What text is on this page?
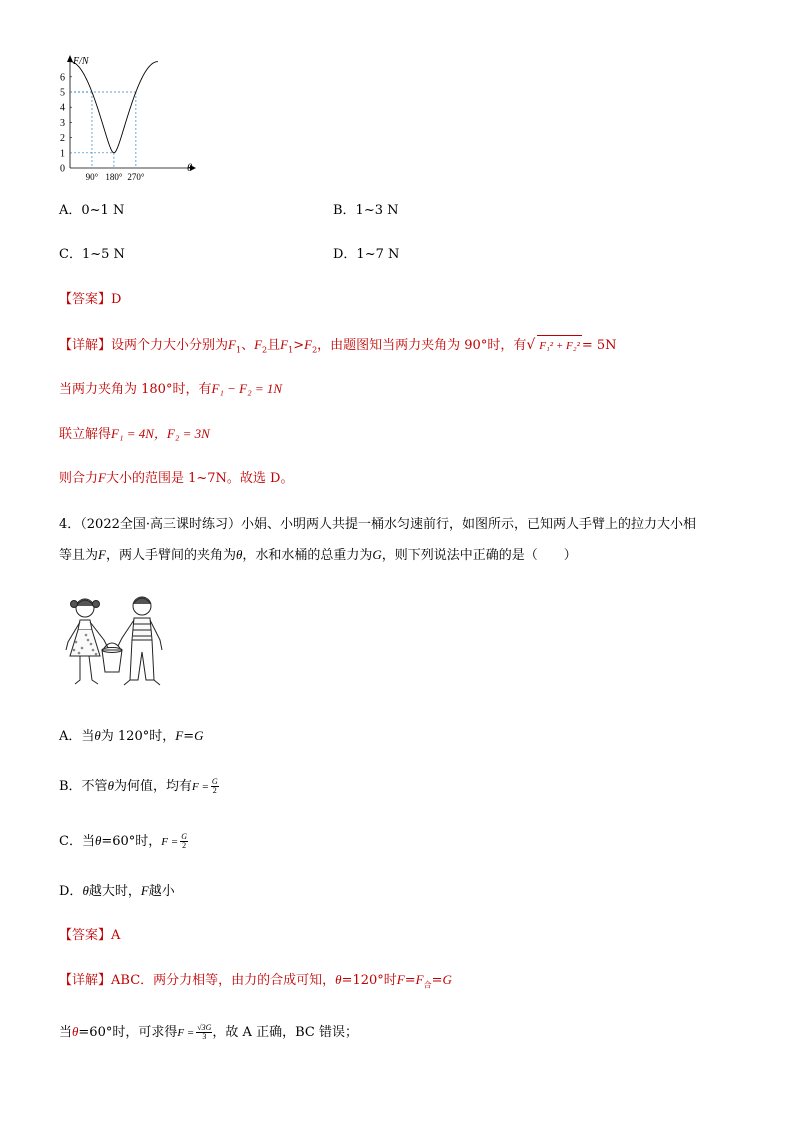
F/N
θ
0
1
2
3
4
5
6
90° 180° 270°
A．0~1 N	B．1~3 N
C．1~5 N	D．1~7 N
【答案】D
【详解】设两个力大小分别为$F_1$、$F_2$且$F_1>F_2$，由题图知当两力夹角为 90°时，有√ F₁² + F₂² = 5N
当两力夹角为 180°时，有F₁ − F₂ = 1N
联立解得F₁ = 4N，F₂ = 3N
则合力F大小的范围是 1~7N。故选 D。
4．（2022全国·高三课时练习）小娟、小明两人共提一桶水匀速前行，如图所示，已知两人手臂上的拉力大小相
等且为F，两人手臂间的夹角为θ，水和水桶的总重力为G，则下列说法中正确的是（　　）
A．当θ为 120°时，F=G
B．不管θ为何值，均有$F = \frac{G}{2}$
C．当θ=60°时，$F = \frac{G}{2}$
D．θ越大时，F越小
【答案】A
【详解】ABC．两分力相等，由力的合成可知，θ=120°时$F=F_合=G$
当θ=60°时，可求得$F = \frac{√3G}{3}$ ，故 A 正确，BC 错误；
